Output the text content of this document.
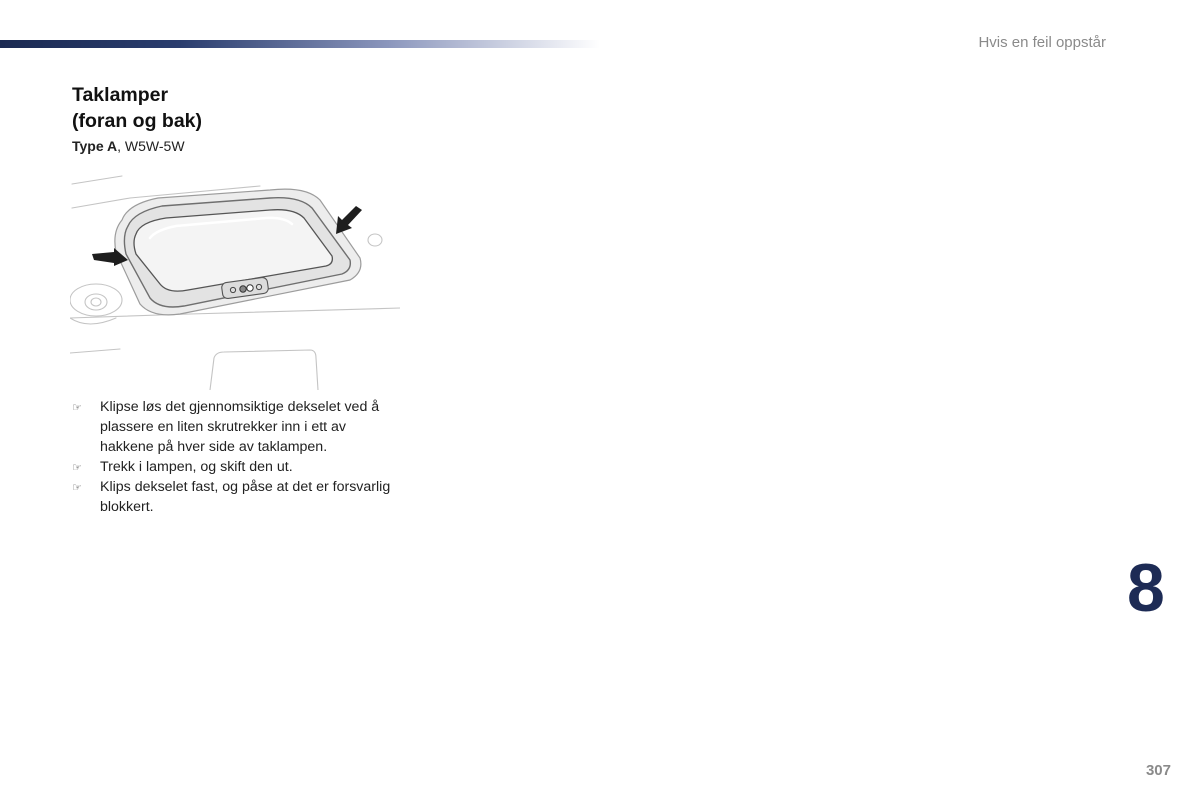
Hvis en feil oppstår
Taklamper
(foran og bak)
Type A, W5W-5W
☞ Klipse løs det gjennomsiktige dekselet ved å plassere en liten skrutrekker inn i ett av hakkene på hver side av taklampen.
☞ Trekk i lampen, og skift den ut.
☞ Klips dekselet fast, og påse at det er forsvarlig blokkert.
8
307
